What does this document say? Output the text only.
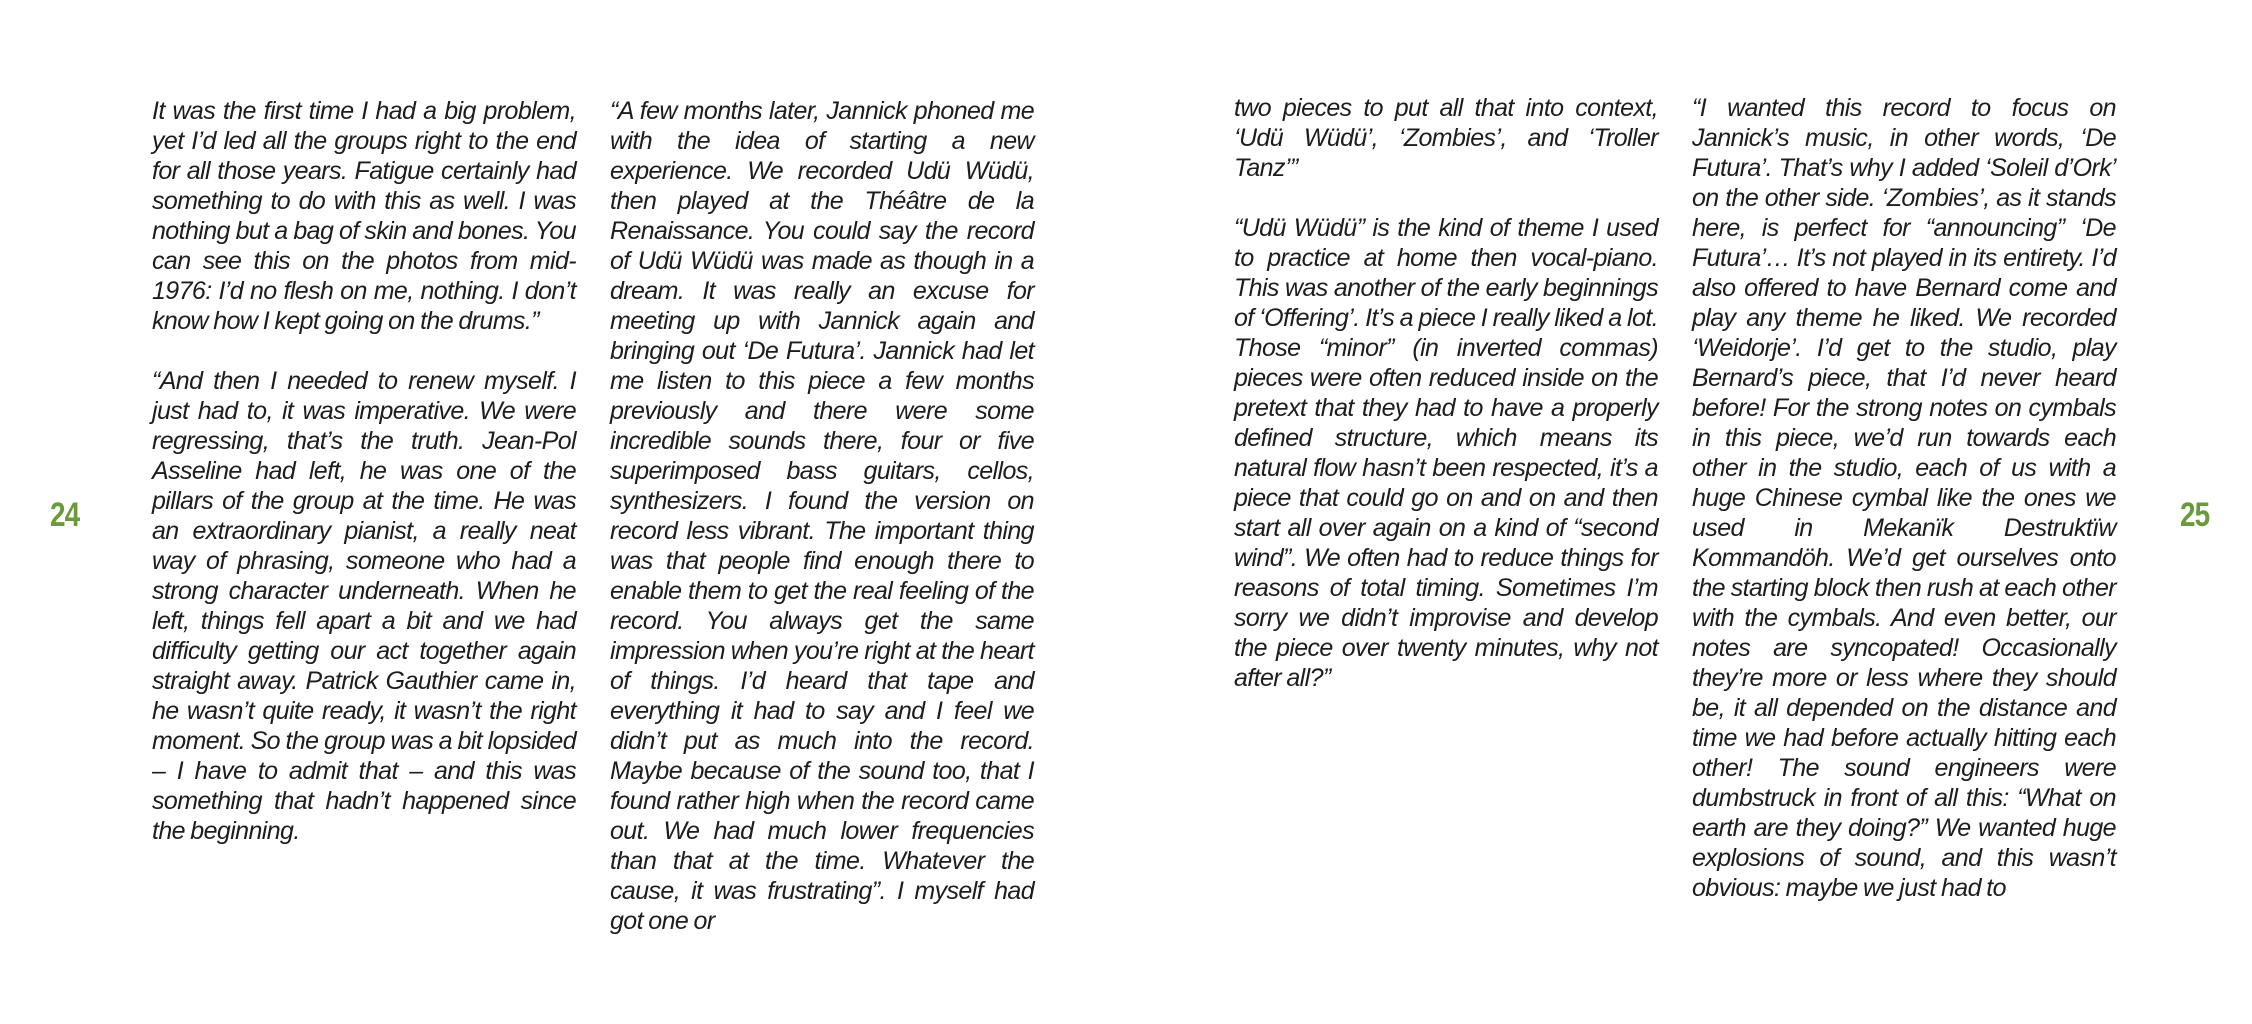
24

It was the first time I had a big problem, yet I’d led all the groups right to the end for all those years. Fatigue certainly had something to do with this as well. I was nothing but a bag of skin and bones. You can see this on the photos from mid-1976: I’d no flesh on me, nothing. I don’t know how I kept going on the drums.”

“And then I needed to renew myself. I just had to, it was imperative. We were regressing, that’s the truth. Jean-Pol Asseline had left, he was one of the pillars of the group at the time. He was an extraordinary pianist, a really neat way of phrasing, someone who had a strong character underneath. When he left, things fell apart a bit and we had difficulty getting our act together again straight away. Patrick Gauthier came in, he wasn’t quite ready, it wasn’t the right moment. So the group was a bit lopsided – I have to admit that – and this was something that hadn’t happened since the beginning.

“A few months later, Jannick phoned me with the idea of starting a new experience. We recorded Udü Wüdü, then played at the Théâtre de la Renaissance. You could say the record of Udü Wüdü was made as though in a dream. It was really an excuse for meeting up with Jannick again and bringing out ‘De Futura’. Jannick had let me listen to this piece a few months previously and there were some incredible sounds there, four or five superimposed bass guitars, cellos, synthesizers. I found the version on record less vibrant. The important thing was that people find enough there to enable them to get the real feeling of the record. You always get the same impression when you’re right at the heart of things. I’d heard that tape and everything it had to say and I feel we didn’t put as much into the record. Maybe because of the sound too, that I found rather high when the record came out. We had much lower frequencies than that at the time. Whatever the cause, it was frustrating”. I myself had got one or

two pieces to put all that into context, ‘Udü Wüdü’, ‘Zombies’, and ‘Troller Tanz’”

“Udü Wüdü” is the kind of theme I used to practice at home then vocal-piano. This was another of the early beginnings of ‘Offering’. It’s a piece I really liked a lot. Those “minor” (in inverted commas) pieces were often reduced inside on the pretext that they had to have a properly defined structure, which means its natural flow hasn’t been respected, it’s a piece that could go on and on and then start all over again on a kind of “second wind”. We often had to reduce things for reasons of total timing. Sometimes I’m sorry we didn’t improvise and develop the piece over twenty minutes, why not after all?”

“I wanted this record to focus on Jannick’s music, in other words, ‘De Futura’. That’s why I added ‘Soleil d’Ork’ on the other side. ‘Zombies’, as it stands here, is perfect for “announcing” ‘De Futura’… It’s not played in its entirety. I’d also offered to have Bernard come and play any theme he liked. We recorded ‘Weidorje’. I’d get to the studio, play Bernard’s piece, that I’d never heard before! For the strong notes on cymbals in this piece, we’d run towards each other in the studio, each of us with a huge Chinese cymbal like the ones we used in Mekanïk Destruktïw Kommandöh. We’d get ourselves onto the starting block then rush at each other with the cymbals. And even better, our notes are syncopated! Occasionally they’re more or less where they should be, it all depended on the distance and time we had before actually hitting each other! The sound engineers were dumbstruck in front of all this: “What on earth are they doing?” We wanted huge explosions of sound, and this wasn’t obvious: maybe we just had to

25
